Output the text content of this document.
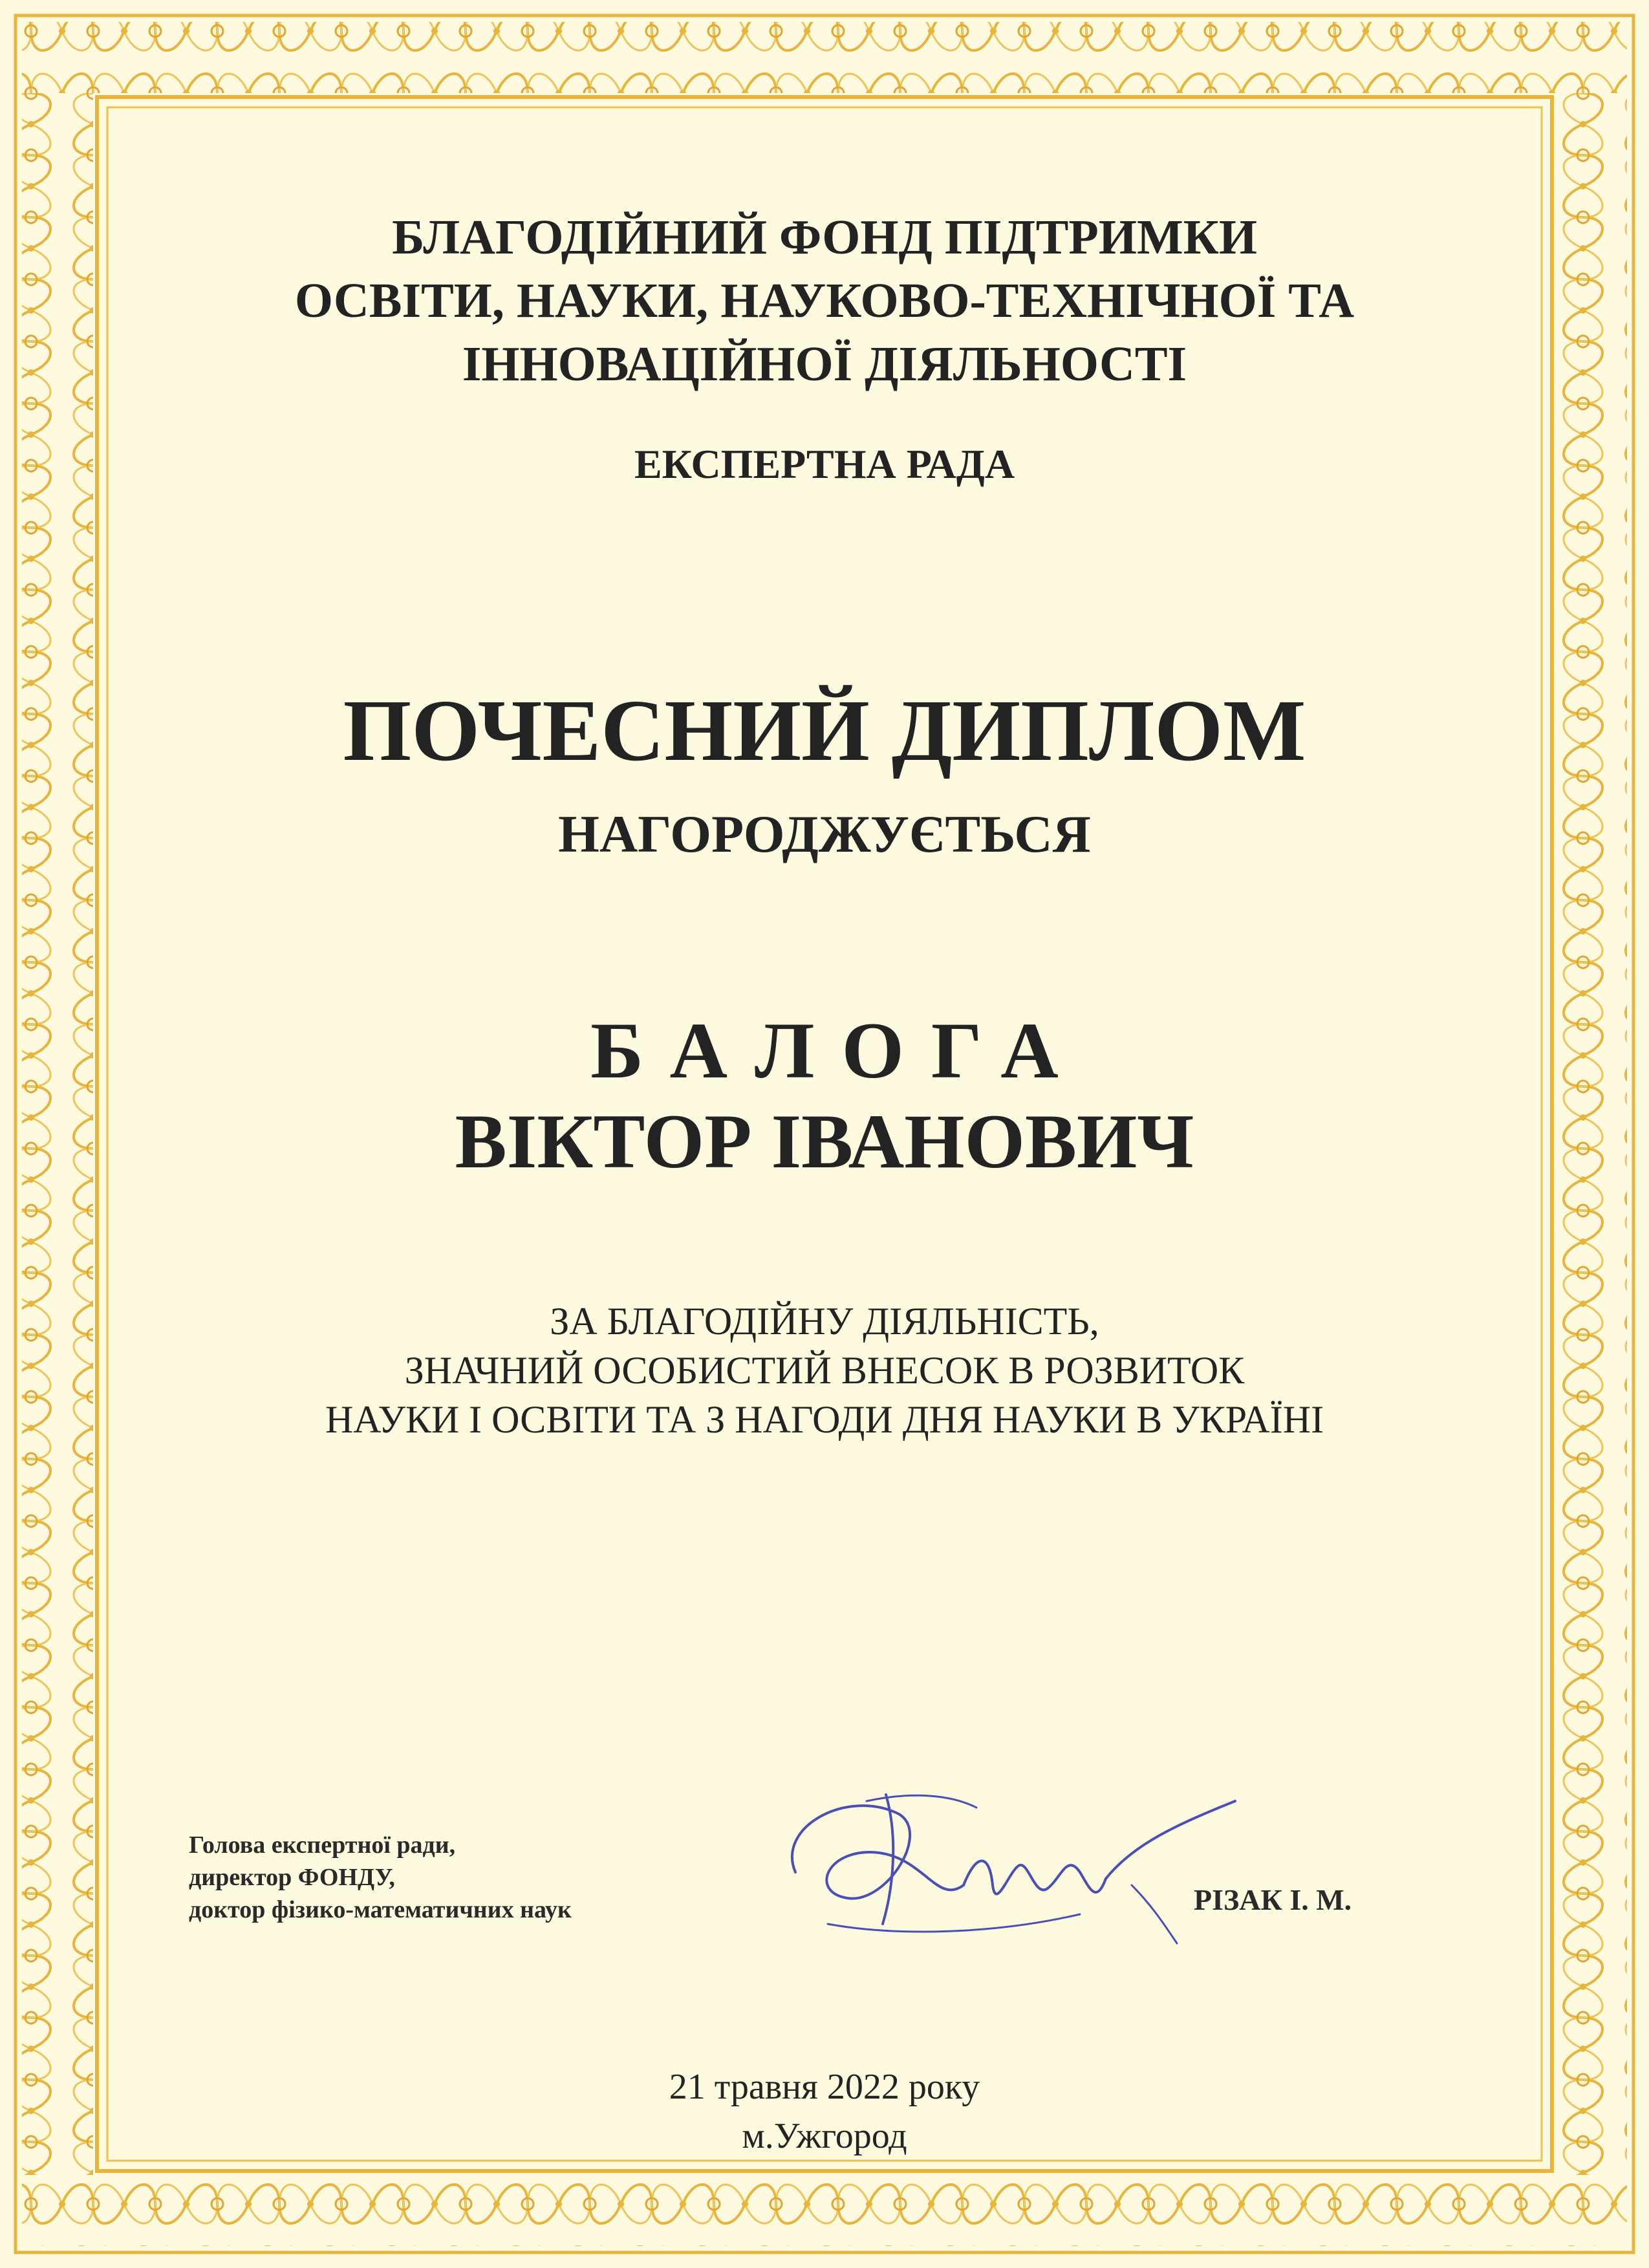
БЛАГОДІЙНИЙ ФОНД ПІДТРИМКИ
ОСВІТИ, НАУКИ, НАУКОВО-ТЕХНІЧНОЇ ТА
ІННОВАЦІЙНОЇ ДІЯЛЬНОСТІ
ЕКСПЕРТНА РАДА
ПОЧЕСНИЙ ДИПЛОМ
НАГОРОДЖУЄТЬСЯ
БАЛОГА
ВІКТОР ІВАНОВИЧ
ЗА БЛАГОДІЙНУ ДІЯЛЬНІСТЬ,
ЗНАЧНИЙ ОСОБИСТИЙ ВНЕСОК В РОЗВИТОК
НАУКИ І ОСВІТИ ТА З НАГОДИ ДНЯ НАУКИ В УКРАЇНІ
Голова експертної ради,
директор ФОНДУ,
доктор фізико-математичних наук	РІЗАК І. М.
21 травня 2022 року
м.Ужгород
